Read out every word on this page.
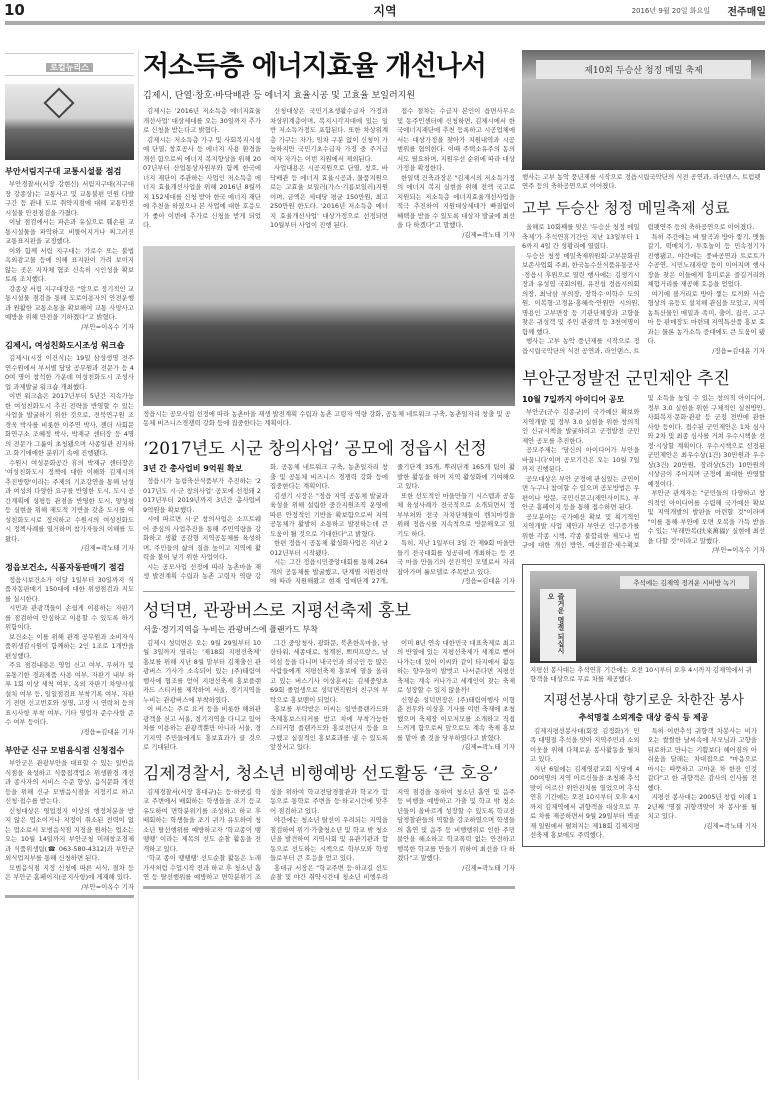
10	지역	2016년 9월 20일 화요일 전주매일
로컬뉴리스
부안서림지구대 교통시설물 점검

부안경찰서(서장 강현신) 서림지구대(지구대장 강종상)는 교통사고 및 교통불편 민원 다발 구간 등 관내 도로 취약지점에 대해 교통안전시설물 안전점검을 가졌다.

이날 점검에서는 파손과 유실으로 훼손된 교통시설물을 파악하고 비뚤어지거나 찌그러진 교통표지판을 교정했다.

이와 함께 서림 지구대는 가로수 또는 불법 옥외광고물 등에 의해 표지판이 가려 보이지 않는 곳은 지자체 협조 신속히 시인성을 확보토록 조치했다.

강종상 서림 지구대장은 "앞으로 정기적인 교통시설물 점검을 통해 도로이용자의 안전운행과 원활한 교통소통을 확보해여 교통 사망사고 예방을 위해 만전을 기하겠다"고 밝혔다.

/부안=이옥수 기자
김제시, 여성친화도시조성 워크숍

김제시(시장 이건식)는 19일 삼성생명 전주연수원에서 부서별 담당 공무원과 전문가 등 40여 명이 참석한 가운데 여성친화도시 조성사업 과제발굴 워크숍 개최했다.

이번 워크숍은 2017년부터 5년간 지속가능한 여성친화도시 추진 전략을 반영할 수 있는 사업을 발굴하기 위한 것으로, 전북연구원 조경욱 박사를 비롯한 이주연 박사, 젠더 사회문화연구소 조혜정 박사, 박재규 센터장 등 4명의 전문가 그룹이 초청됐으며 사종일관 진지하고 화기애애한 분위기 속에 진행됐다.

수원시 여성문화공간 휴의 박재규 센터장은 '여성친화도시 정책에 대한 이해와 김제시의 추진방향'이라는 주제의 기조강연을 통해 남성과 여성의 다양한 요구를 반영한 도시, 도시 공간계획에 성평등 관점을 반영한 도시, 양성평등 실현을 위해 제도적 기반을 갖춘 도시를 여성친화도시로 정의하고 수원시의 여성친화도시 정책사례를 열거하며 참가자들의 이해를 도왔다.

/김제=곽노태 기자
정읍보건소, 식품자동판매기 점검

정읍시보건소가 이달 1일부터 30일까지 식품자동판매기 150대에 대한 위생점검과 지도를 실시한다.

시민과 관광객들이 손쉽게 이용하는 자판기를 점검하여 안심하고 이용할 수 있도록 하기 위함이다.

보건소는 이를 위해 관계 공무원과 소비자식품위생감시원이 함께하는 2인 1조로 1개반을 편성했다.

주요 점검내용은 영업 신고 여부, 무허가 및 유통기한 경과제품 사용 여부, 자판기 내부 하루 1회 이상 세척 여부, 옥외 자판기 차양시설 설치 여부 등, 일일점검표 부착기록 여부, 자판기 전면 신고번호와 성명, 고장 시 연락처 등의 표시사항 부착 여부, 기타 영업자 준수사항 준수 여부 등이다.

/정읍=김대윤 기자
부안군 신규 모범음식점 신청접수

부안군은 관광부안을 대표할 수 있는 일반음식점을 육성하고 식품접객업소 위생환경 개선과 종사자의 서비스 수준 향상, 음식문화 개선 등을 위해 신규 모범음식점을 지정키로 하고 신청·접수를 받는다.

신청대상은 영업정지 이상의 행정처분을 받지 않은 업소이거나 지정이 취소된 전력이 없는 업소로서 모범음식점 지정을 원하는 업소는 오는 10월 14일까지 부안군청 미래창조경제과 식품위생팀(☎ 063-580-4312)과 부안군외식업지부를 통해 신청하면 된다.

모범음식점 지정 신청에 따른 서식, 절차 등은 부안군 홈페이지(공지사항)에 게재해 있다.

/부안=이옥수 기자
저소득층 에너지효율 개선나서
김제시, 단열·창호·바닥배관 등 에너지 효율시공 및 고효율 보일러지원

김제시는 '2016년 저소득층 에너지효율개선사업' 대상세대를 오는 30일까지 추가로 신청을 받는다고 밝혔다.

김제시는 저소득층 가구 및 사회복지시설에 단열, 창호공사 등 에너지 사용 환경을 개선 함으로써 에너지 복지향상을 위해 2007년부터 산업통상자원부와 함께 한국에너지 재단이 주관하는 사업인 저소득층 에너지 효율개선사업을 위해 2016년 8월까지 152세대를 신청 받아 한국 에너지 재단에 추천을 하였으나 본 사업에 대한 호응도가 좋아 이번에 추가로 신청을 받게 되었다.

신청대상은 국민기초생활수급자 가정과 차상위계층이며, 복지시각지대에 있는 일반 저소득가정도 포함된다. 또한 차상위계층 가구는 자가, 임차 구분 없이 신청이 가능하지만 국민기초수급자 가정 중 주거급여자 자가는 이번 지원에서 제외된다.

사업내용은 시공지원으로 단열, 창호, 바닥배관 등 에너지 효율시공과, 물품지원으로는 고효율 보일러(가스·기름보일러)지원이며, 금액은 세대당 평균 150만원, 최고 250만원 한도다. '2016년 저소득층 에너지 효율개선사업' 대상가정으로 선정되면 10월부터 사업이 진행 된다.

접수 절차는 수급자 본인이 읍면사무소 및 동주민센터에 신청하면, 김제시에서 한국에너지재단에 추천 등록하고 시공업체에서는 대상가정을 찾아가 지원내역과 시공범위를 협의한다. 이때 주택소유주의 동의서도 필요하며, 지원우선 순위에 따라 대상가정을 확정한다.

한일택 건축과장은 "김제시의 저소득가정의 에너지 복지 실현을 위해 전액 국고로 지원되는 저소득층 에너지효율개선사업을 적극 추진하여 지원대상세대가 빠짐없이 혜택을 받을 수 있도록 대상자 발굴에 최선을 다 하겠다"고 말했다.

/김제=곽노태 기자
정읍시는 공모사업 선정에 따라 농촌마을 재생 발전계획 수립과 농촌 고령자 역량 강화, 공동체 네트워크 구축, 농촌일자리 창출 및 공동체 비즈니스경쟁력 강화 등에 집중한다는 계획이다.
‘2017년도 시군 창의사업’ 공모에 정읍시 선정
3년 간 총사업비 9억원 확보

정읍시가 농림축산식품부가 추진하는 '2017년도 시·군 창의사업' 공모에 선정돼 2017년부터 2019년까지 3년간 총사업비 9억원을 확보했다.

시에 따르면 시·군 창의사업은 소프트웨어 중심의 사업추진을 통해 주민역량을 강화하고 생활 공감형 지역공동체를 육성하며, 주민들의 삶의 질을 높이고 지역에 활력을 불어 넣기 위한 사업이다.

시는 공모사업 선정에 따라 농촌마을 재생 발전계획 수립과 농촌 고령자 역량 강화, 공동체 네트워크 구축, 농촌일자리 창출 및 공동체 비즈니스 경쟁력 강화 등에 집중한다는 계획이다.

김생기 시장은 "정읍 지역 공동체 발굴과 육성을 위해 설립한 중간지원조직 운영에 따른 안정적인 기반을 확보함으로써 지역 공동체가 활발히 소통하고 발전하는데 큰 도움이 될 것으로 기대한다"고 밝혔다.

한편 정읍시 공동체 활성화사업은 지난 2012년부터 시작됐다.

시는 그간 정읍시민중앙대회를 통해 264개의 공동체를 발굴했고, 단계별 지원전략에 따라 지원해왔고 현재 엽매단계 27개, 줄기단계 35개, 뿌리단계 165개 팀이 활발한 활동을 하며 지역 활성화에 기여해오고 있다.

또한 선도적인 마을만들기 시스템과 공동체 육성사례가 전국적으로 소개되면서 정부부처와 전국 자치단체들이 벤치마킹을 위해 정읍시를 지속적으로 방문해오고 있기도 하다.

특히, 지난 1일부터 3일 간 제9회 마을만들기 전국대회를 성공리에 개최하는 등 전국 마을 만들기의 선진적인 모델로서 자리잡아가며 롤모델로 주목받고 있다.

/정읍=김대윤 기자
성덕면, 관광버스로 지평선축제 홍보
서울·경기지역을 누비는 관광버스에 플랜카드 부착

김제시 성덕면은 오는 9월 29일부터 10월 3일까지 열리는 '제18회 지평선축제' 홍보를 위해 지난 8월 말부터 김제출신 관광버스 기사가 소속되어 있는 (주)태림여행사에 협조를 얻어 지평선축제 홍보플랜카드 스티커를 제작하여 서울, 경기지역을 누비는 관광버스에 부착하였다.

이 버스는 주로 요커 등을 비롯한 해외관광객을 싣고 서울, 경기지역을 다니고 있어 차를 이용하는 관광객뿐만 아니라 서울, 경기지역 주민들에게도 홍보효과가 클 것으로 기대된다.

그간 중앙청사, 광화문, 북촌한옥마을, 남산타워, 세종대로, 청계천, 쁘띠프랑스, 남이섬 등을 다니며 내국인과 외국인 등 많은 사람들에게 지평선축제 홍보에 열을 올리고 있는 버스기사 이상훈씨는 김제중앙초 69회 졸업생으로 성덕면직원의 친구의 부탁으로 홍보맨이 되었다.

홍보를 부탁받은 이씨는 일반플랜카드와 축제홍보스티커를 받고 차에 부착가능한 스티커형 플랜카드와 홍보전단지 등을 요구했고 실질적인 홍보효과를 낼 수 있도록 앞장서고 있다.

이미 8년 연속 대한민국 대표축제로 최고의 반열에 있는 지평선축제가 세계로 뻗어 나가는데 있어 이씨와 같이 타지에서 활동하는 향우들이 발벗고 나서준다면 지평선축제는 계속 커나가고 세계인이 찾는 축제로 성장할 수 있지 않을까!

신형순 성덕면장은 (주)태림여행사 이형춘 전무와 이상훈 기사를 이번 축제에 초청했으며 축제장 이모저모를 소개하고 직접 느끼게 함으로써 앞으로도 계속 축제 홍보를 맡아 줄 것을 당부하였다고 밝혔다.

/김제=곽노태 기자
김제경찰서, 청소년 비행예방 선도활동 ‘큰 호응’

김제경찰서(서장 홍대규)는 등·하굣길 학교 주변에서 배회하는 학생들을 조기 등교 유도하여 면학분위기를 조성하고 하교 후 배회하는 학생들을 조기 귀가 유도하여 청소년 탈선행위를 예방하고자 '학교종이 땡땡땡' 이라는 제목의 선도 순찰 활동을 전개하고 있다.

'학교 종이 땡땡땡' 선도순찰 활동은 노래 가사처럼 수업시작 전과 하교 후 청소년 흡연 등 탈선행위를 예방하고 면학분위기 조성을 위하여 학교전담경찰관과 학교가 합동으로 통학로 주변을 등·하교시간에 맞추어 점검하고 있다.

야간에는 청소년 탈선이 우려되는 지역을 점검하여 위기·가출청소년 및 학교 밖 청소년을 발견하여 지역사회 및 유관기관과 합동으로 선도하는 시책으로 학부모와 학생들로부터 큰 호응을 얻고 있다.

홍대규 서장은 "학교주변 등·하교길 선도순찰 및 야간 취약시간대 청소년 비행우려지역 점검을 통하여 청소년 흡연 및 음주 등 비행을 예방하고 가출 및 학교 밖 청소년들이 올바르게 성장할 수 있도록 학교전담경찰관들의 역할을 강조하였으며 학생들의 흡연 및 음주 등 비행행위로 인한 주민 불안을 해소하고 학교폭력 없는 안전하고 행복한 학교를 만들기 위하여 최선을 다 하겠다"고 말했다.

/김제=곽노태 기자
제10회 두승산 청정 메밀 축제
행사는 고부 농악 풍년제를 시작으로 정읍시립국악단의 식전 공연과, 라인댄스, 트럼펫연주 등의 축하공연으로 이어졌다.
고부 두승산 청정 메밀축제 성료

올해로 10회째를 맞은 '두승산 청정 메밀축제'가 추석연휴기간인 지난 13일부터 16까지 4일 간 성황리에 열렸다.

두승산 청정 메밀축제위원회·고부문화권보존사업회 주최, 한국농수산식품유통공사·정읍시 후원으로 열린 행사에는 김생기시장과 유성엽 국회의원, 유진섭 정읍시의회 의장, 최낙삼 부의장, 장학수·이학수 도의원, 이복형·고경윤·홍혜숙·안원만 시의원, 명용인 고부면장 등 기관단체장과 고향을 찾은 귀성객 및 주민 관광객 등 3천여명이 함께 했다.

행사는 고부 농악 풍년제를 시작으로 정읍시립국악단의 식전 공연과, 라인댄스, 트럼펫연주 등의 축하공연으로 이어졌다.

특히 주간에는 벼 탈곡과 방아 찧기, 맷돌 갈기, 떡메치기, 투호놀이 등 민속경기가 진행됐고, 야간에는 풍바공연과 트로트가수공연, 시민노래자랑 등이 이어지며 행사장을 찾은 이들에게 흥미로운 즐길거리와 체험거리를 제공해 호응을 얻었다.

여기에 볼거리로 방아 찧는 토끼와 사슴 형상의 유등도 설치해 관심을 모았고, 지역 농특산물인 메밀과 족미, 출이, 잡곡, 고구마 등 판매장도 마련돼 지역특산품 홍보 효과는 물론 농가소득 증대에도 큰 도움이 됐다.

/정읍=김대윤 기자
부안군정발전 군민제안 추진
10월 7일까지 아이디어 공모

부안군(군수 김종규)이 국가예산 확보와 지역개발 및 정부 3.0 실현을 위한 창의적인 신규시책을 발굴하려고 군정발전 군민제안 공모를 추진한다.

공모주제는 '당신의 아이디어가 부안을 바꿉니다'이며 공모기간은 오는 10월 7일까지 진행된다.

공모대상은 부안 군정에 관심있는 군민이면 누구나 참여할 수 있으며 공모방법은 우편이나 방문, 국민신문고(제안사이트), 부안군 홈페이지 등을 통해 접수하면 된다.

공모분야는 국가예산 확보 및 획기적인 지역개발 사업 제안과 부안군 인구증가를 위한 각종 시책, 각종 불합리한 제도나 법규에 대한 개선 방안, 예산절감·세수확보 및 소득을 높일 수 있는 창의적 아이디어, 정부 3.0 실현을 위한 구체적인 실천방안, 사회복지·문화·관광 등 군정 전반에 관한 사항 등이다. 접수된 군민제안은 1차 심사와 2차 및 최종 심사를 거쳐 우수시책을 선정·시상할 계획이다. 우수시책으로 선정된 군민제안은 최우수상(1건) 30만원과 우수상(3건) 20만원, 장려상(5건) 10만원의 시상금이 주어지며 군정에 최대한 반영할 예정이다.

부안군 관계자는 "군민들의 다양하고 창의적인 아이디어를 수렴해 국가예산 확보 및 지역개발의 발판을 마련할 것"이라며 "이를 통해 부안에 오면 오복을 가득 받을 수 있는 '부래만복(扶來萬福)' 실현에 최선을 다할 것"이라고 말했다.

/부안=이옥수 기자
추석에는 김제역 정겨운 시비방 녹기
즐거운 명절 되십시오
지평선 봉사대는 추석연휴 기간에는 오전 10시부터 오후 4시까지 김제역에서 귀향객을 대상으로 무료 차를 제공했다.
지평선봉사대 향기로운 차한잔 봉사
추석명절 소외계층 대상 중식 등 제공

김제지평선봉사대(회장 김정화)가 민족 대명절 추석을 맞아 지역주민과 소외 이웃을 위해 다채로운 봉사활동을 펼치고 있다.

지난 6일에는 김제영광교회 식당에 400여명의 지역 어르신들을 초청해 추석맞이 어르신 위안잔치를 열었으며 추석연휴 기간에는 오전 10시부터 오후 4시까지 김제역에서 귀향객을 대상으로 무료 차를 제공하면서 9월 29일부터 벽골제 일원에서 펼쳐지는 제18회 김제지평선축제 홍보에도 주력했다.

특히 이번추석 귀향객 차봉사는 비가오는 쌀쌀한 날씨속에 부모님과 고향을 뒤로하고 만나는 기쁨보다 헤어짐의 아쉬움을 달래는 차대접으로 "마음으로 마시는 따뜻하고 고마운 차 한잔 인것 같다"고 한 귀향객은 감사의 인사를 전했다.

지평선 봉사대는 2005년 창립 이래 12년째 '명절 귀향객맞이 차 봉사'를 펼치고 있다.

/김제=곽노태 기자
